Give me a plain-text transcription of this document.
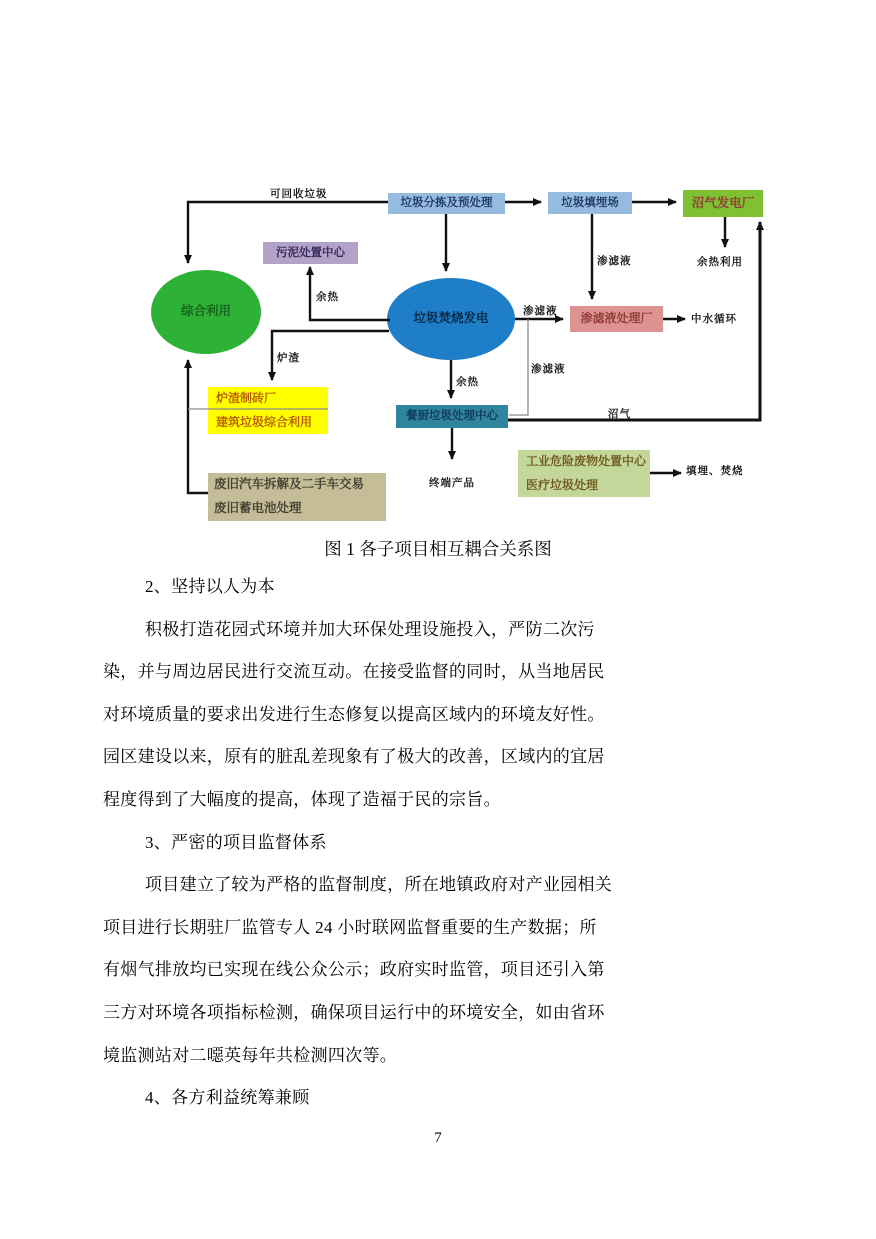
垃圾分拣及预处理	垃圾填埋场	沼气发电厂
污泥处置中心
综合利用	垃圾焚烧发电	渗滤液处理厂
炉渣制砖厂
建筑垃圾综合利用	餐厨垃圾处理中心
废旧汽车拆解及二手车交易
废旧蓄电池处理
工业危险废物处置中心
医疗垃圾处理
可回收垃圾
渗滤液	余热利用
余热
渗滤液
中水循环
炉渣
渗滤液
余热
沼气
终端产品
填埋、焚烧
图 1 各子项目相互耦合关系图
2、坚持以人为本
积极打造花园式环境并加大环保处理设施投入，严防二次污
染，并与周边居民进行交流互动。在接受监督的同时，从当地居民
对环境质量的要求出发进行生态修复以提高区域内的环境友好性。
园区建设以来，原有的脏乱差现象有了极大的改善，区域内的宜居
程度得到了大幅度的提高，体现了造福于民的宗旨。
3、严密的项目监督体系
项目建立了较为严格的监督制度，所在地镇政府对产业园相关
项目进行长期驻厂监管专人 24 小时联网监督重要的生产数据；所
有烟气排放均已实现在线公众公示；政府实时监管，项目还引入第
三方对环境各项指标检测，确保项目运行中的环境安全，如由省环
境监测站对二噁英每年共检测四次等。
4、各方利益统筹兼顾
7
